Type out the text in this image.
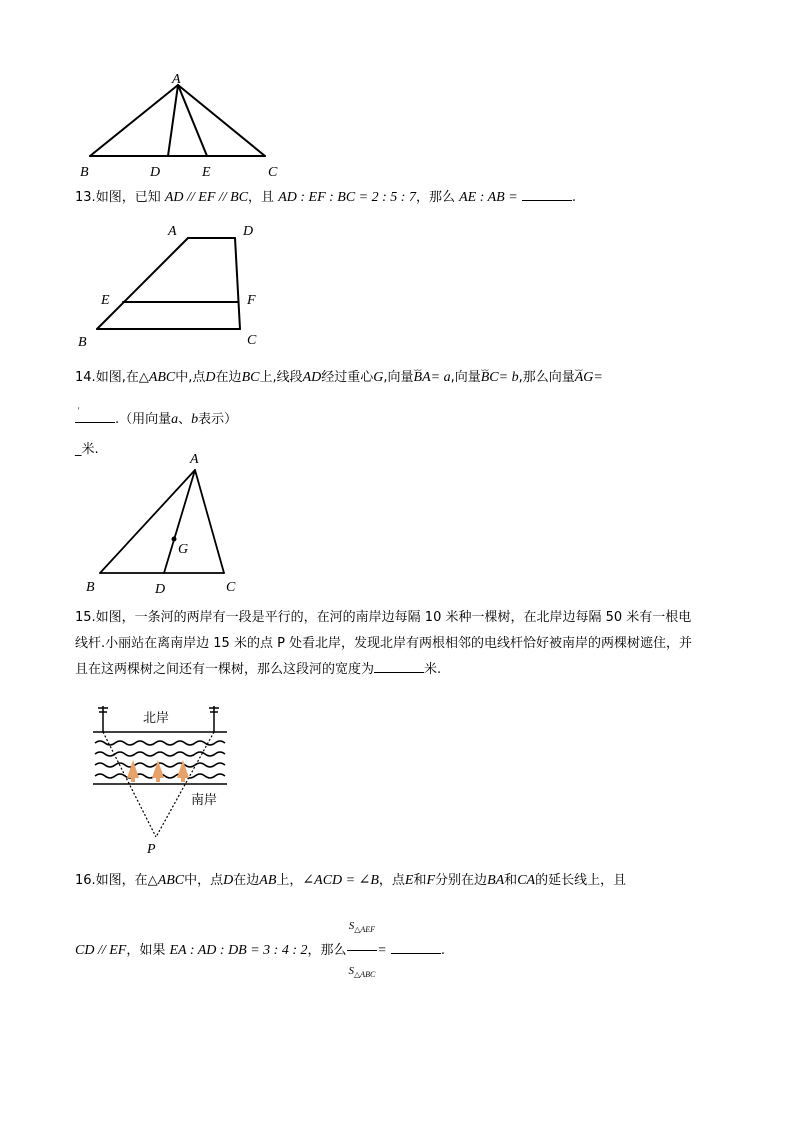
A
B	D	E	C
13.如图，已知 AD // EF // BC，且 AD : EF : BC = 2 : 5 : 7，那么 AE : AB =	.
A	D
E	F
B	C
14.如图,在△ABC中,点D在边BC上,线段AD经过重心G,向量⌣⌣ BA= a,向量⌣⌣ BC= b,那么向量⌣⌣ AG=
.（用向量' a、' b表示）
_米.
A
G
B	D	C
15.如图，一条河的两岸有一段是平行的，在河的南岸边每隔 10 米种一棵树，在北岸边每隔 50 米有一根电
线杆.小丽站在离南岸边 15 米的点 P 处看北岸，发现北岸有两根相邻的电线杆恰好被南岸的两棵树遮住，并
且在这两棵树之间还有一棵树，那么这段河的宽度为	米.
北岸
南岸
P
16.如图，在△ABC中，点D在边AB上，∠ACD = ∠B，点E和F分别在边BA和CA的延长线上，且
CD // EF，如果 EA : AD : DB = 3 : 4 : 2，那么 $\frac{S_{\triangle AEF}}{S_{\triangle ABC}}$ =	.
